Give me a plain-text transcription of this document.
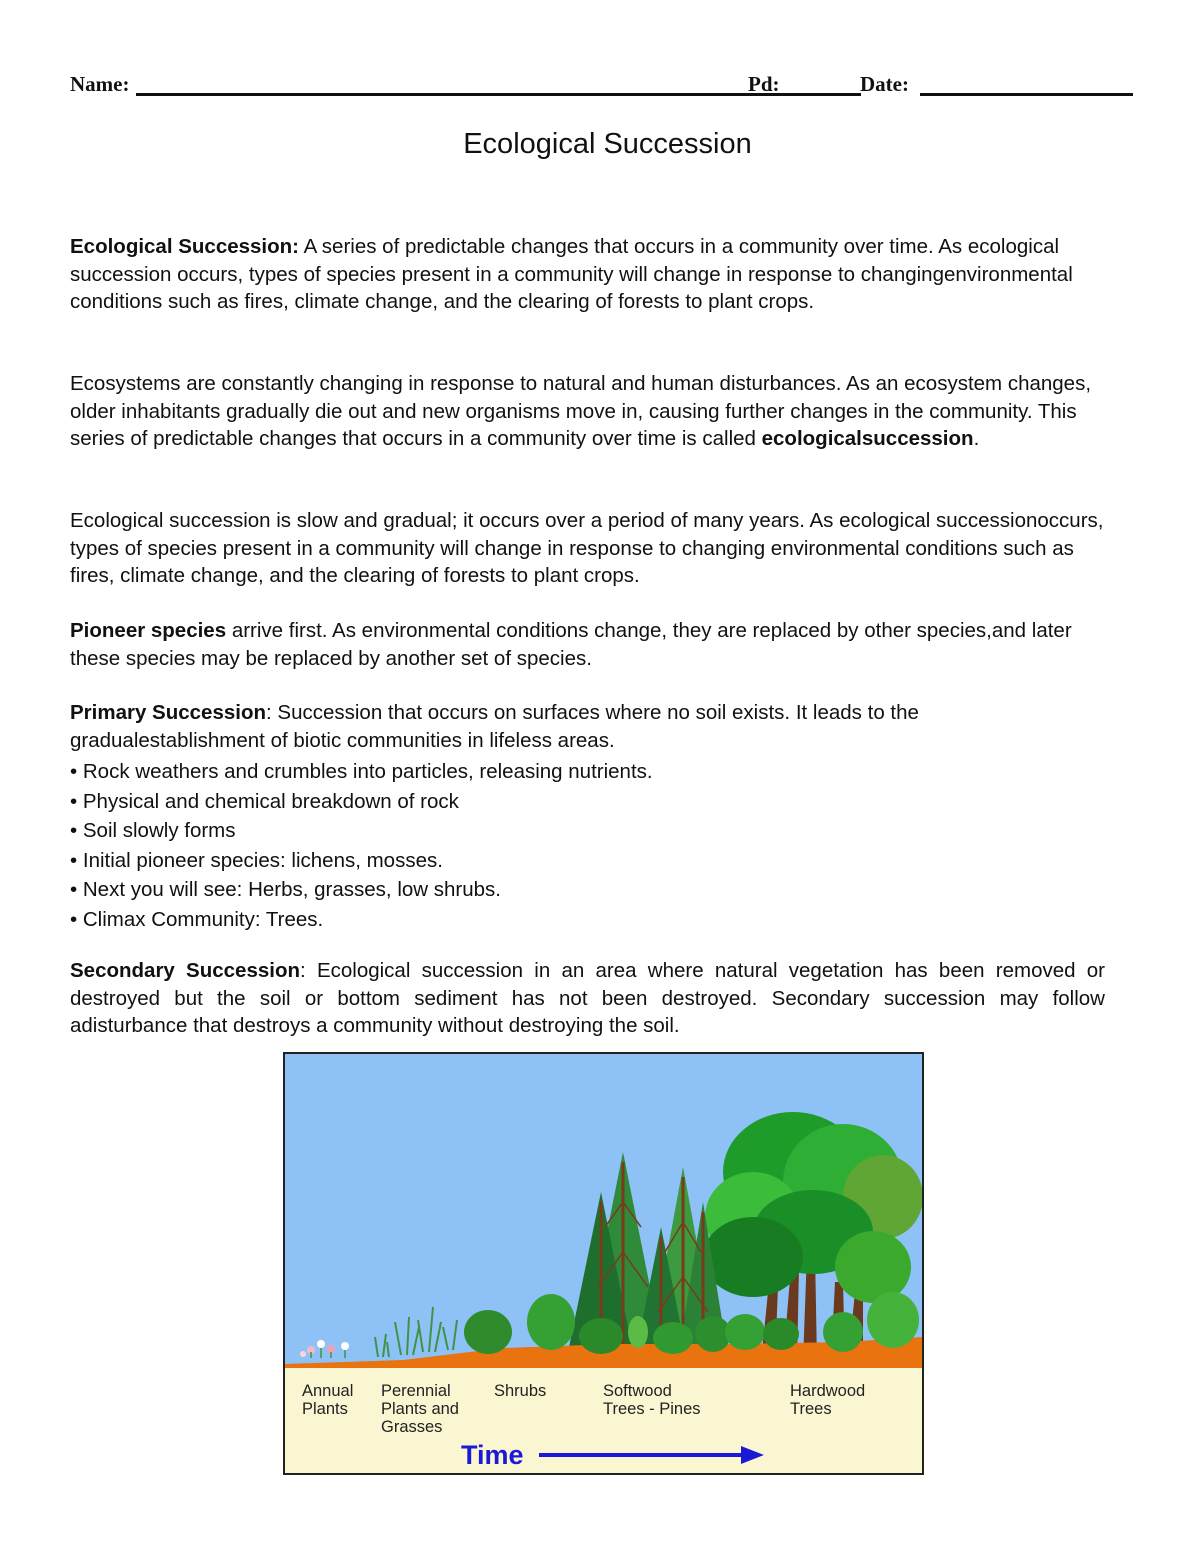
Name:	Pd:	Date:
Ecological Succession

Ecological Succession: A series of predictable changes that occurs in a community over time. As ecological succession occurs, types of species present in a community will change in response to changingenvironmental conditions such as fires, climate change, and the clearing of forests to plant crops.

Ecosystems are constantly changing in response to natural and human disturbances. As an ecosystem changes, older inhabitants gradually die out and new organisms move in, causing further changes in the community. This series of predictable changes that occurs in a community over time is called ecologicalsuccession.

Ecological succession is slow and gradual; it occurs over a period of many years. As ecological successionoccurs, types of species present in a community will change in response to changing environmental conditions such as fires, climate change, and the clearing of forests to plant crops.

Pioneer species arrive first. As environmental conditions change, they are replaced by other species,and later these species may be replaced by another set of species.

Primary Succession: Succession that occurs on surfaces where no soil exists. It leads to the gradualestablishment of biotic communities in lifeless areas.

• Rock weathers and crumbles into particles, releasing nutrients.
• Physical and chemical breakdown of rock
• Soil slowly forms
• Initial pioneer species: lichens, mosses.
• Next you will see: Herbs, grasses, low shrubs.
• Climax Community: Trees.

Secondary Succession: Ecological succession in an area where natural vegetation has been removed or destroyed but the soil or bottom sediment has not been destroyed. Secondary succession may follow adisturbance that destroys a community without destroying the soil.

Annual Plants
Perennial Plants and Grasses
Shrubs	Softwood Trees - Pines
Hardwood Trees
Time
